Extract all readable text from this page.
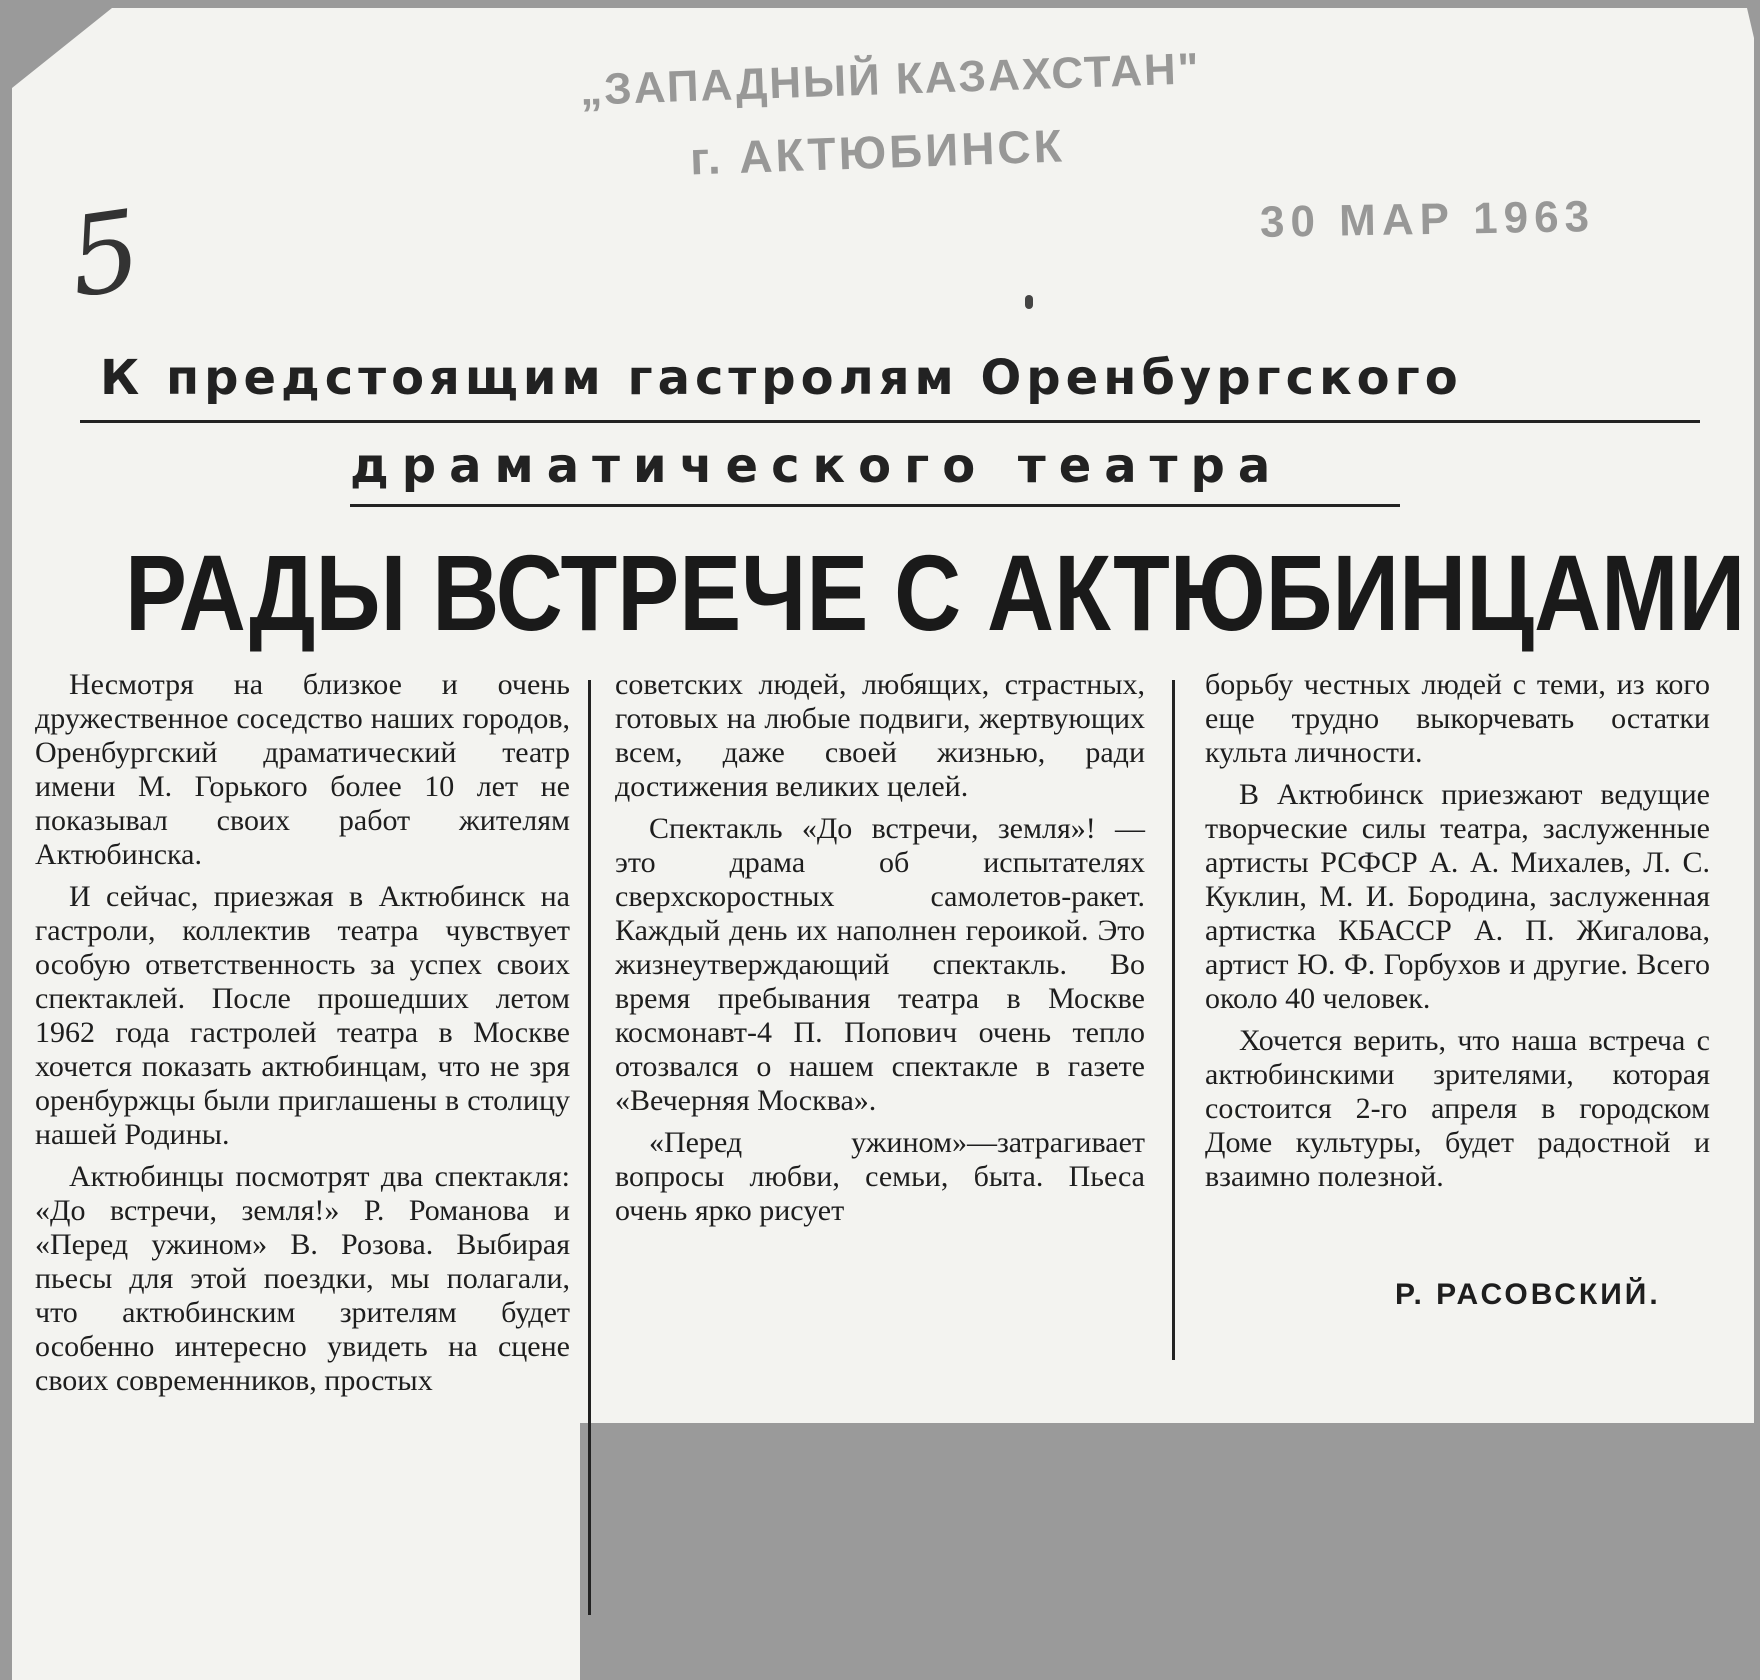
„ЗАПАДНЫЙ КАЗАХСТАН"
г. АКТЮБИНСК
30 МАР 1963
5
К предстоящим гастролям Оренбургского
драматического театра
РАДЫ ВСТРЕЧЕ С АКТЮБИНЦАМИ

Несмотря на близкое и очень дружественное соседство наших городов, Оренбургский драматический театр имени М. Горького более 10 лет не показывал своих работ жителям Актюбинска.

И сейчас, приезжая в Актюбинск на гастроли, коллектив театра чувствует особую ответственность за успех своих спектаклей. После прошедших летом 1962 года гастролей театра в Москве хочется показать актюбинцам, что не зря оренбуржцы были приглашены в столицу нашей Родины.

Актюбинцы посмотрят два спектакля: «До встречи, земля!» Р. Романова и «Перед ужином» В. Розова. Выбирая пьесы для этой поездки, мы полагали, что актюбинским зрителям будет особенно интересно увидеть на сцене своих современников, простых

советских людей, любящих, страстных, готовых на любые подвиги, жертвующих всем, даже своей жизнью, ради достижения великих целей.

Спектакль «До встречи, земля»! — это драма об испытателях сверхскоростных самолетов-ракет. Каждый день их наполнен героикой. Это жизнеутверждающий спектакль. Во время пребывания театра в Москве космонавт-4 П. Попович очень тепло отозвался о нашем спектакле в газете «Вечерняя Москва».

«Перед ужином»—затрагивает вопросы любви, семьи, быта. Пьеса очень ярко рисует

борьбу честных людей с теми, из кого еще трудно выкорчевать остатки культа личности.

В Актюбинск приезжают ведущие творческие силы театра, заслуженные артисты РСФСР А. А. Михалев, Л. С. Куклин, М. И. Бородина, заслуженная артистка КБАССР А. П. Жигалова, артист Ю. Ф. Горбухов и другие. Всего около 40 человек.

Хочется верить, что наша встреча с актюбинскими зрителями, которая состоится 2-го апреля в городском Доме культуры, будет радостной и взаимно полезной.

Р. РАСОВСКИЙ.
